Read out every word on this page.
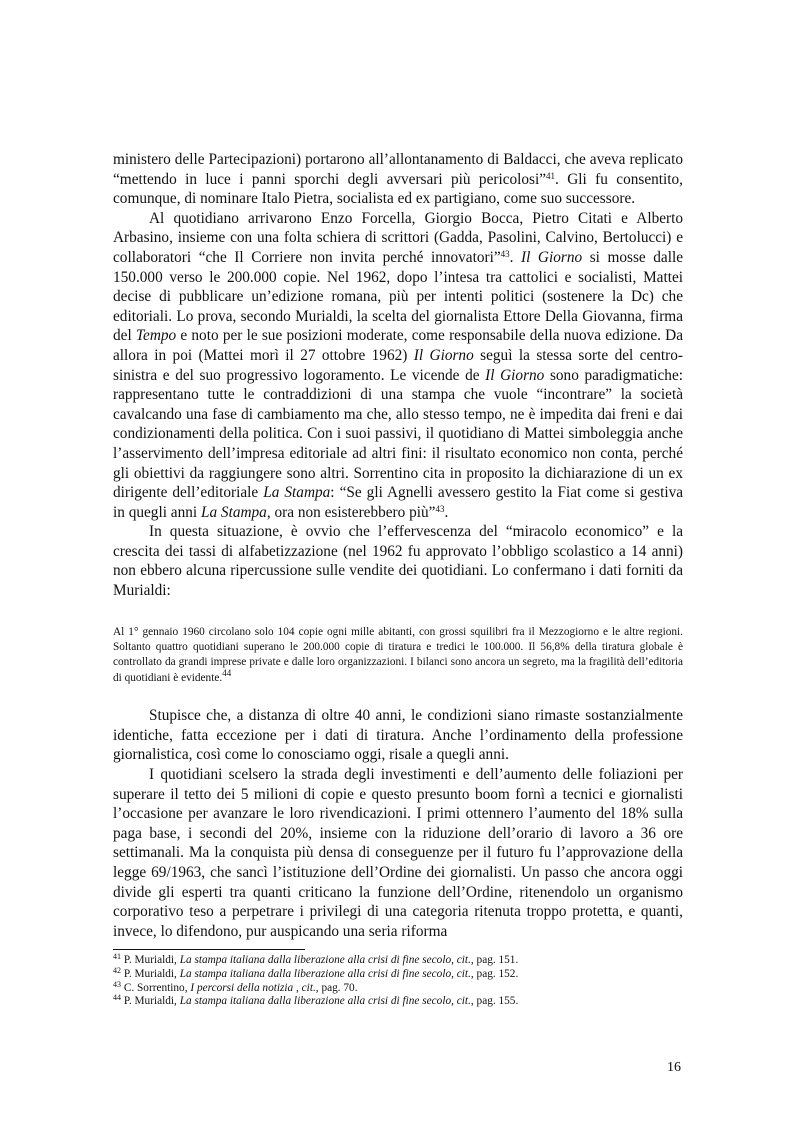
ministero delle Partecipazioni) portarono all’allontanamento di Baldacci, che aveva replicato “mettendo in luce i panni sporchi degli avversari più pericolosi”$^{41}$. Gli fu consentito, comunque, di nominare Italo Pietra, socialista ed ex partigiano, come suo successore.

Al quotidiano arrivarono Enzo Forcella, Giorgio Bocca, Pietro Citati e Alberto Arbasino, insieme con una folta schiera di scrittori (Gadda, Pasolini, Calvino, Bertolucci) e collaboratori “che Il Corriere non invita perché innovatori”$^{43}$. Il Giorno si mosse dalle 150.000 verso le 200.000 copie. Nel 1962, dopo l’intesa tra cattolici e socialisti, Mattei decise di pubblicare un’edizione romana, più per intenti politici (sostenere la Dc) che editoriali. Lo prova, secondo Murialdi, la scelta del giornalista Ettore Della Giovanna, firma del Tempo e noto per le sue posizioni moderate, come responsabile della nuova edizione. Da allora in poi (Mattei morì il 27 ottobre 1962) Il Giorno seguì la stessa sorte del centro-sinistra e del suo progressivo logoramento. Le vicende de Il Giorno sono paradigmatiche: rappresentano tutte le contraddizioni di una stampa che vuole “incontrare” la società cavalcando una fase di cambiamento ma che, allo stesso tempo, ne è impedita dai freni e dai condizionamenti della politica. Con i suoi passivi, il quotidiano di Mattei simboleggia anche l’asservimento dell’impresa editoriale ad altri fini: il risultato economico non conta, perché gli obiettivi da raggiungere sono altri. Sorrentino cita in proposito la dichiarazione di un ex dirigente dell’editoriale La Stampa: “Se gli Agnelli avessero gestito la Fiat come si gestiva in quegli anni La Stampa, ora non esisterebbero più”$^{43}$.

In questa situazione, è ovvio che l’effervescenza del “miracolo economico” e la crescita dei tassi di alfabetizzazione (nel 1962 fu approvato l’obbligo scolastico a 14 anni) non ebbero alcuna ripercussione sulle vendite dei quotidiani. Lo confermano i dati forniti da Murialdi:

Al 1° gennaio 1960 circolano solo 104 copie ogni mille abitanti, con grossi squilibri fra il Mezzogiorno e le altre regioni. Soltanto quattro quotidiani superano le 200.000 copie di tiratura e tredici le 100.000. Il 56,8% della tiratura globale è controllato da grandi imprese private e dalle loro organizzazioni. I bilanci sono ancora un segreto, ma la fragilità dell’editoria di quotidiani è evidente.$^{44}$

Stupisce che, a distanza di oltre 40 anni, le condizioni siano rimaste sostanzialmente identiche, fatta eccezione per i dati di tiratura. Anche l’ordinamento della professione giornalistica, così come lo conosciamo oggi, risale a quegli anni.

I quotidiani scelsero la strada degli investimenti e dell’aumento delle foliazioni per superare il tetto dei 5 milioni di copie e questo presunto boom fornì a tecnici e giornalisti l’occasione per avanzare le loro rivendicazioni. I primi ottennero l’aumento del 18% sulla paga base, i secondi del 20%, insieme con la riduzione dell’orario di lavoro a 36 ore settimanali. Ma la conquista più densa di conseguenze per il futuro fu l’approvazione della legge 69/1963, che sancì l’istituzione dell’Ordine dei giornalisti. Un passo che ancora oggi divide gli esperti tra quanti criticano la funzione dell’Ordine, ritenendolo un organismo corporativo teso a perpetrare i privilegi di una categoria ritenuta troppo protetta, e quanti, invece, lo difendono, pur auspicando una seria riforma

$^{41}$ P. Murialdi, La stampa italiana dalla liberazione alla crisi di fine secolo, cit., pag. 151.

$^{42}$ P. Murialdi, La stampa italiana dalla liberazione alla crisi di fine secolo, cit., pag. 152.

$^{43}$ C. Sorrentino, I percorsi della notizia , cit., pag. 70.

$^{44}$ P. Murialdi, La stampa italiana dalla liberazione alla crisi di fine secolo, cit., pag. 155.

16
